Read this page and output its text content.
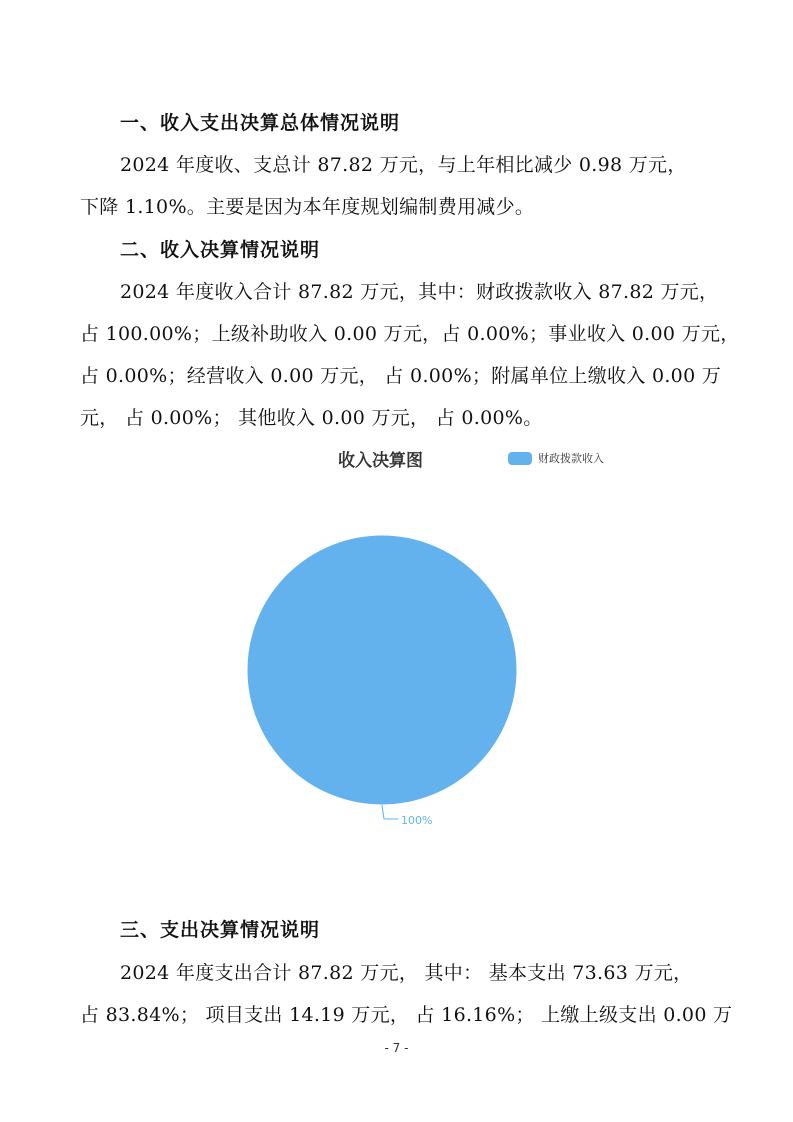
一、收入支出决算总体情况说明
2024 年度收、支总计 87.82 万元，与上年相比减少 0.98 万元，
下降 1.10%。主要是因为本年度规划编制费用减少。
二、收入决算情况说明
2024 年度收入合计 87.82 万元，其中：财政拨款收入 87.82 万元，
占 100.00%；上级补助收入 0.00 万元，占 0.00%；事业收入 0.00 万元，
占 0.00%；经营收入 0.00 万元， 占 0.00%；附属单位上缴收入 0.00 万
元， 占 0.00%； 其他收入 0.00 万元， 占 0.00%。
收入决算图	财政拨款收入
100%
三、支出决算情况说明
2024 年度支出合计 87.82 万元， 其中： 基本支出 73.63 万元，
占 83.84%； 项目支出 14.19 万元， 占 16.16%； 上缴上级支出 0.00 万
- 7 -
